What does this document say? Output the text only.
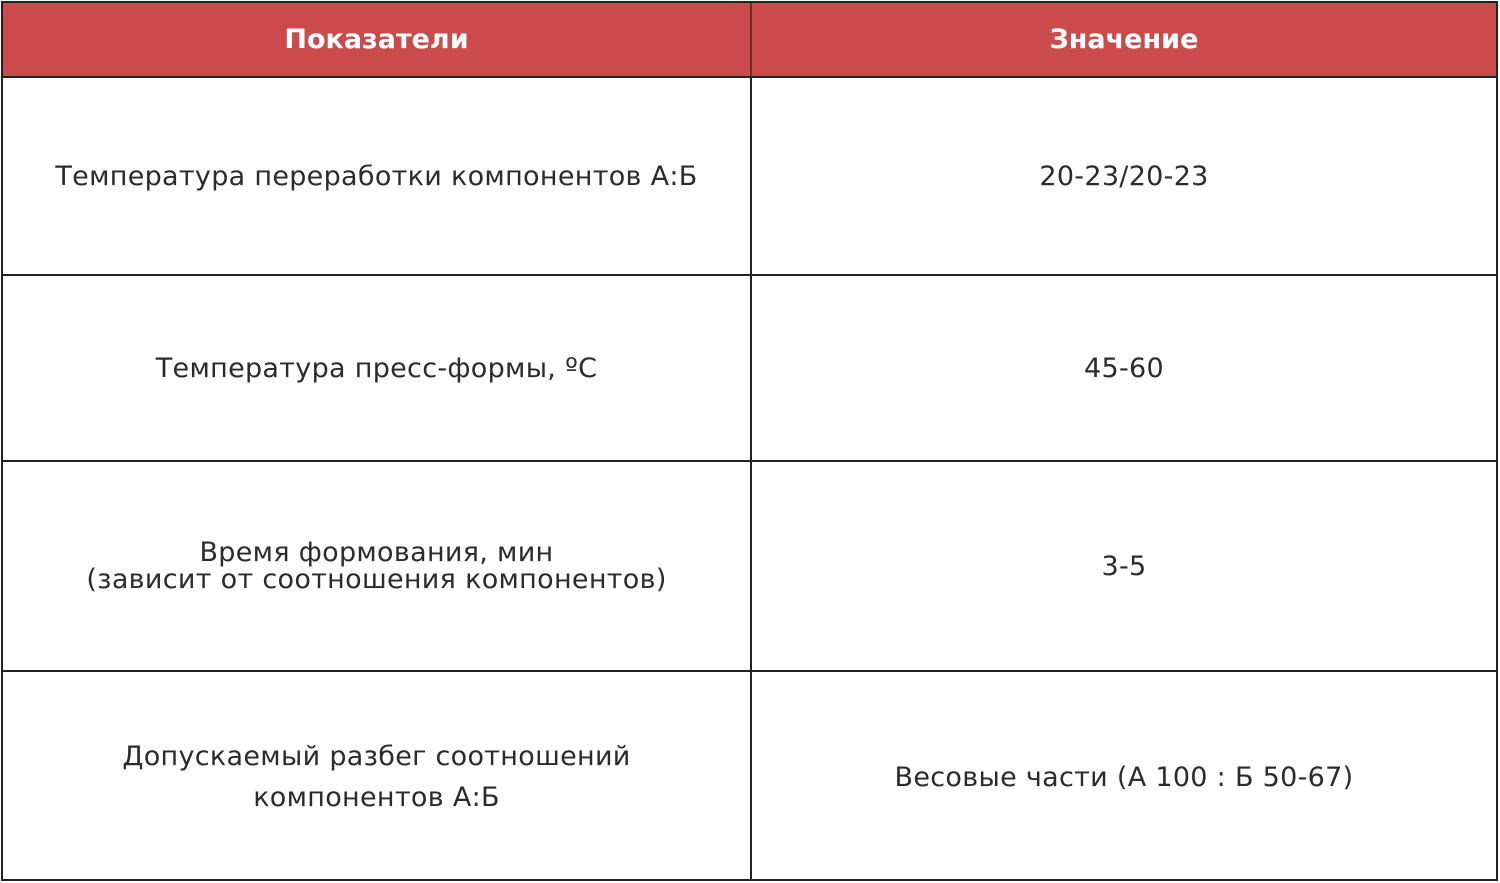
Показатели	Значение

Температура переработки компонентов А:Б	20-23/20-23

Температура пресс-формы, ºС	45-60

Время формования, мин
(зависит от соотношения компонентов)	3-5

Допускаемый разбег соотношений
компонентов А:Б	Весовые части (А 100 : Б 50-67)
